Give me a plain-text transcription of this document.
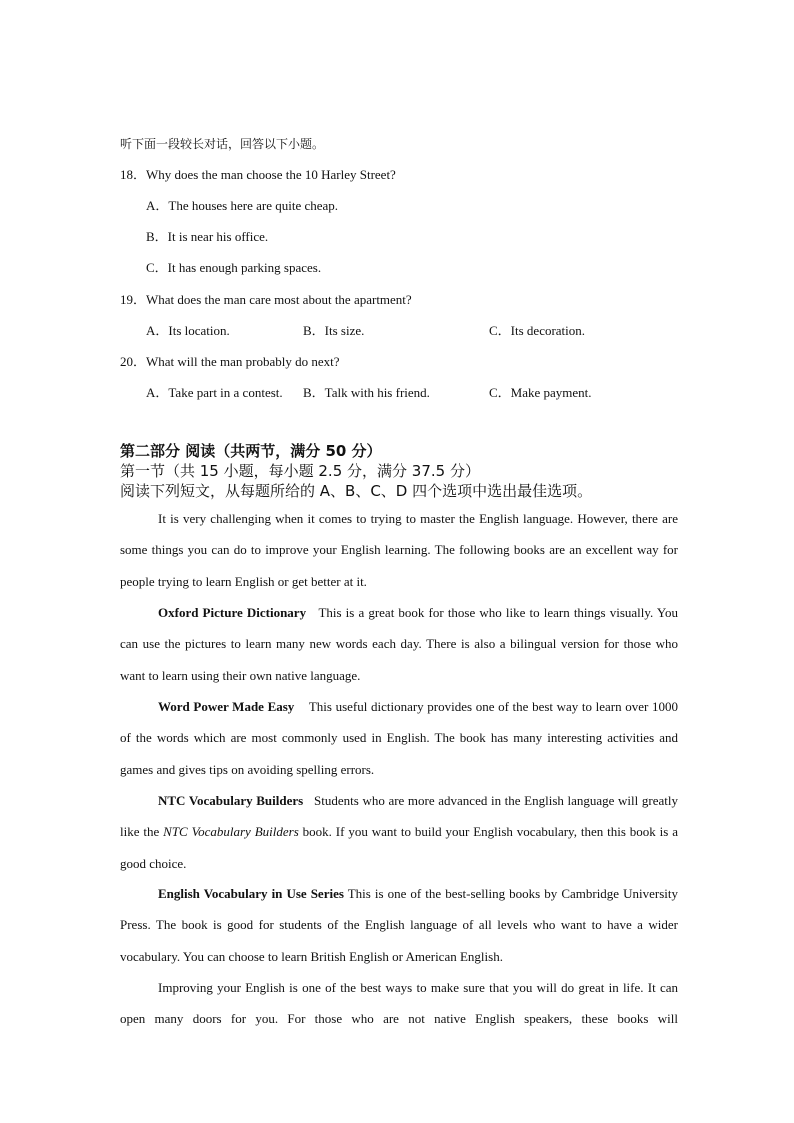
听下面一段较长对话，回答以下小题。
18．Why does the man choose the 10 Harley Street?
A．The houses here are quite cheap.
B．It is near his office.
C．It has enough parking spaces.
19．What does the man care most about the apartment?
A．Its location.	B．Its size.	C．Its decoration.
20．What will the man probably do next?
A．Take part in a contest. B．Talk with his friend.	C．Make payment.
第二部分 阅读（共两节，满分 50 分）
第一节（共 15 小题，每小题 2.5 分，满分 37.5 分）
阅读下列短文，从每题所给的 A、B、C、D 四个选项中选出最佳选项。
It is very challenging when it comes to trying to master the English language. However, there are some things you can do to improve your English learning. The following books are an excellent way for people trying to learn English or get better at it.
Oxford Picture Dictionary This is a great book for those who like to learn things visually. You can use the pictures to learn many new words each day. There is also a bilingual version for those who want to learn using their own native language.
Word Power Made Easy This useful dictionary provides one of the best way to learn over 1000 of the words which are most commonly used in English. The book has many interesting activities and games and gives tips on avoiding spelling errors.
NTC Vocabulary Builders Students who are more advanced in the English language will greatly like the NTC Vocabulary Builders book. If you want to build your English vocabulary, then this book is a good choice.
English Vocabulary in Use Series This is one of the best-selling books by Cambridge University Press. The book is good for students of the English language of all levels who want to have a wider vocabulary. You can choose to learn British English or American English.
Improving your English is one of the best ways to make sure that you will do great in life. It can open many doors for you. For those who are not native English speakers, these books will
